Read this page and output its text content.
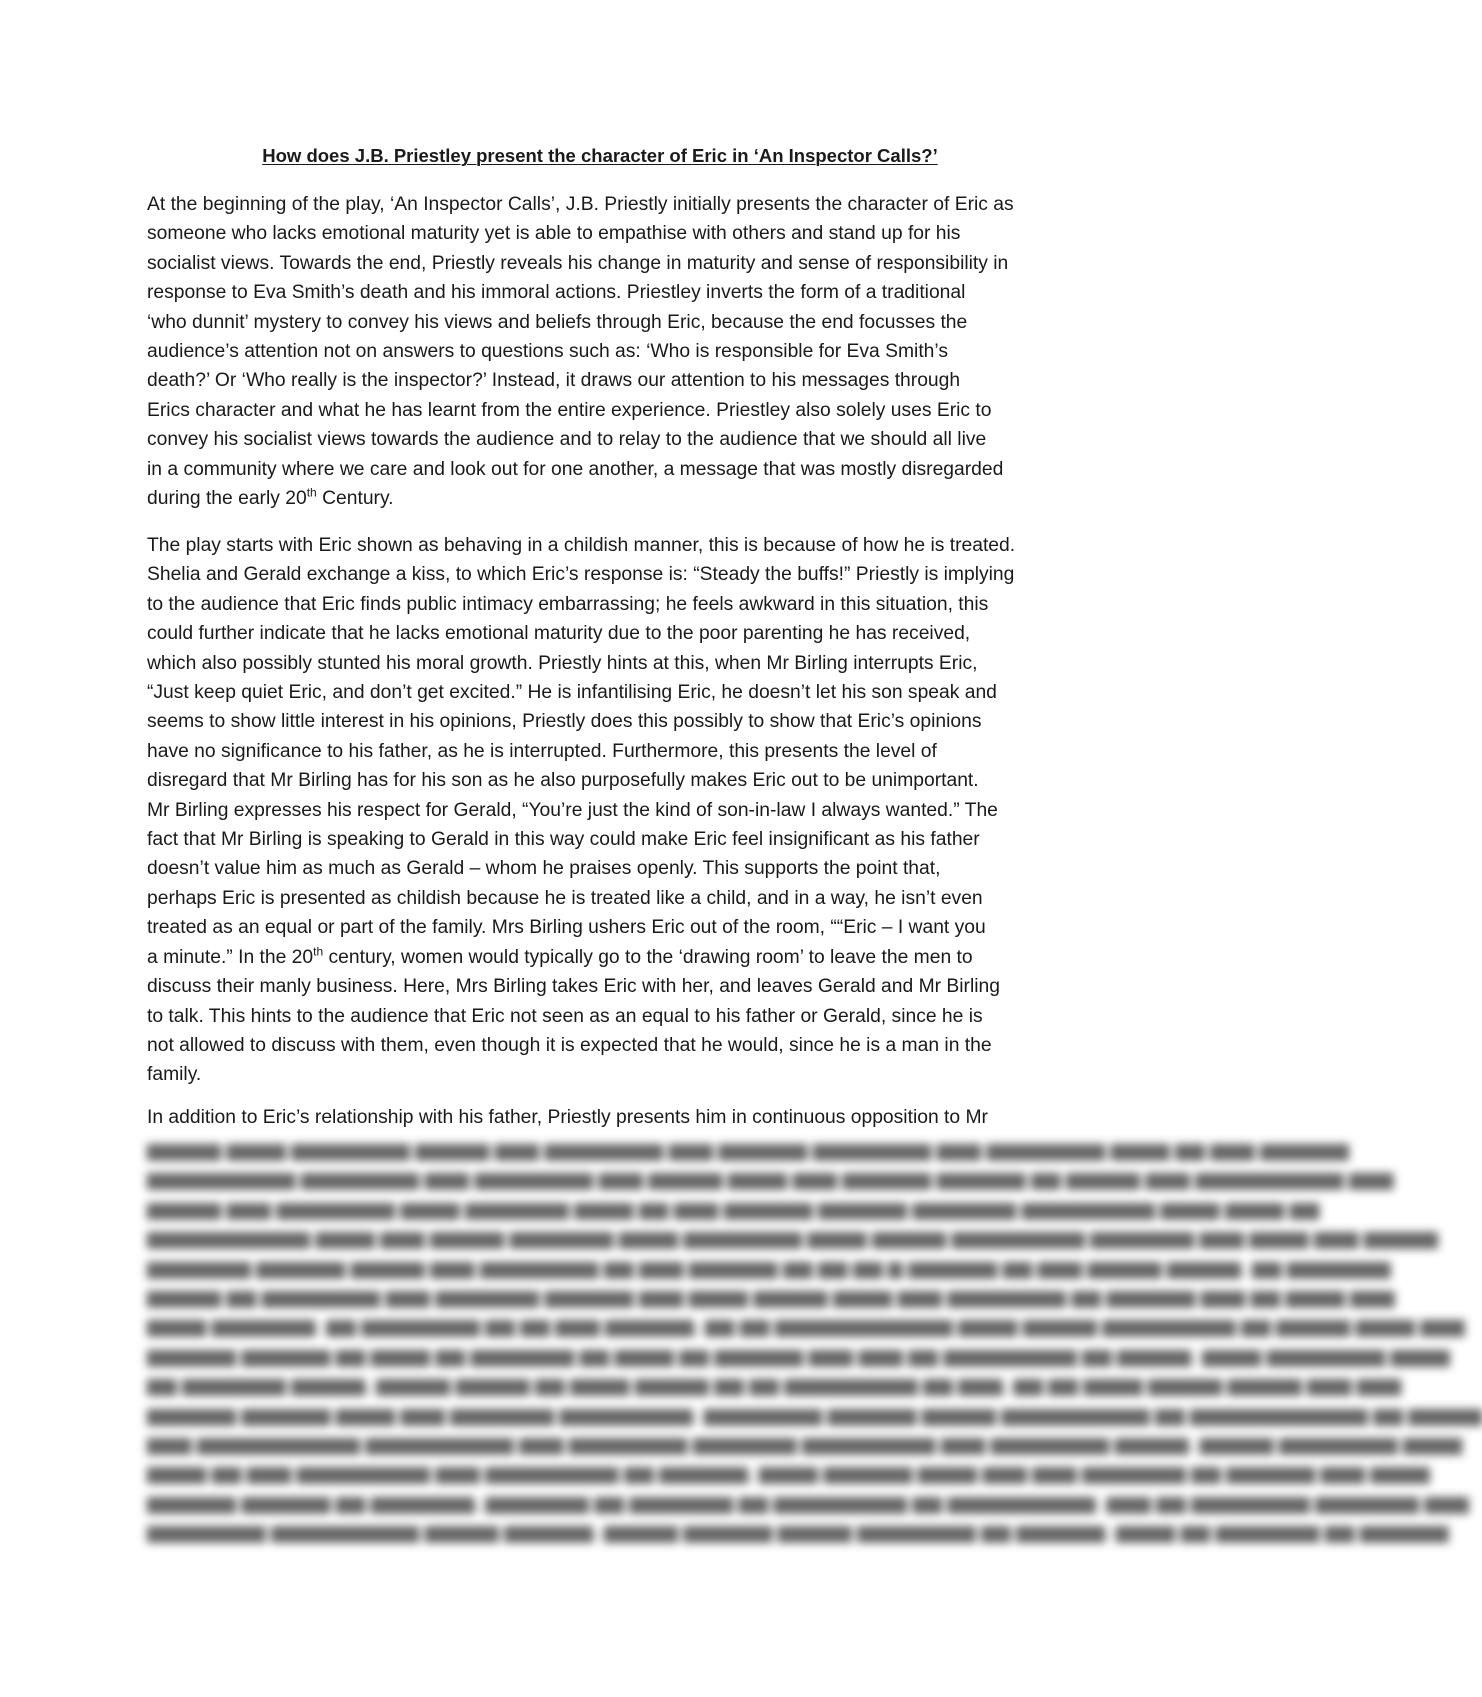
How does J.B. Priestley present the character of Eric in ‘An Inspector Calls?’

At the beginning of the play, ‘An Inspector Calls’, J.B. Priestly initially presents the character of Eric as
someone who lacks emotional maturity yet is able to empathise with others and stand up for his
socialist views. Towards the end, Priestly reveals his change in maturity and sense of responsibility in
response to Eva Smith’s death and his immoral actions. Priestley inverts the form of a traditional
‘who dunnit’ mystery to convey his views and beliefs through Eric, because the end focusses the
audience’s attention not on answers to questions such as: ‘Who is responsible for Eva Smith’s
death?’ Or ‘Who really is the inspector?’ Instead, it draws our attention to his messages through
Erics character and what he has learnt from the entire experience. Priestley also solely uses Eric to
convey his socialist views towards the audience and to relay to the audience that we should all live
in a community where we care and look out for one another, a message that was mostly disregarded
during the early 20th Century.

The play starts with Eric shown as behaving in a childish manner, this is because of how he is treated.
Shelia and Gerald exchange a kiss, to which Eric’s response is: “Steady the buffs!” Priestly is implying
to the audience that Eric finds public intimacy embarrassing; he feels awkward in this situation, this
could further indicate that he lacks emotional maturity due to the poor parenting he has received,
which also possibly stunted his moral growth. Priestly hints at this, when Mr Birling interrupts Eric,
“Just keep quiet Eric, and don’t get excited.” He is infantilising Eric, he doesn’t let his son speak and
seems to show little interest in his opinions, Priestly does this possibly to show that Eric’s opinions
have no significance to his father, as he is interrupted. Furthermore, this presents the level of
disregard that Mr Birling has for his son as he also purposefully makes Eric out to be unimportant.
Mr Birling expresses his respect for Gerald, “You’re just the kind of son-in-law I always wanted.” The
fact that Mr Birling is speaking to Gerald in this way could make Eric feel insignificant as his father
doesn’t value him as much as Gerald – whom he praises openly. This supports the point that,
perhaps Eric is presented as childish because he is treated like a child, and in a way, he isn’t even
treated as an equal or part of the family. Mrs Birling ushers Eric out of the room, ““Eric – I want you
a minute.” In the 20th century, women would typically go to the ‘drawing room’ to leave the men to
discuss their manly business. Here, Mrs Birling takes Eric with her, and leaves Gerald and Mr Birling
to talk. This hints to the audience that Eric not seen as an equal to his father or Gerald, since he is
not allowed to discuss with them, even though it is expected that he would, since he is a man in the
family.

In addition to Eric’s relationship with his father, Priestly presents him in continuous opposition to Mr

▆▆▆▆▆ ▆▆▆▆ ▆▆▆▆▆▆▆▆ ▆▆▆▆▆ ▆▆▆ ▆▆▆▆▆▆▆▆ ▆▆▆ ▆▆▆▆▆▆ ▆▆▆▆▆▆▆▆ ▆▆▆ ▆▆▆▆▆▆▆▆ ▆▆▆▆ ▆▆ ▆▆▆ ▆▆▆▆▆▆
▆▆▆▆▆▆▆▆▆▆ ▆▆▆▆▆▆▆▆ ▆▆▆ ▆▆▆▆▆▆▆▆ ▆▆▆ ▆▆▆▆▆ ▆▆▆▆ ▆▆▆ ▆▆▆▆▆▆ ▆▆▆▆▆▆ ▆▆ ▆▆▆▆▆ ▆▆▆ ▆▆▆▆▆▆▆▆▆▆ ▆▆▆
▆▆▆▆▆ ▆▆▆ ▆▆▆▆▆▆▆▆ ▆▆▆▆ ▆▆▆▆▆▆▆ ▆▆▆▆ ▆▆ ▆▆▆ ▆▆▆▆▆▆ ▆▆▆▆▆▆ ▆▆▆▆▆▆▆ ▆▆▆▆▆▆▆▆▆ ▆▆▆▆ ▆▆▆▆ ▆▆
▆▆▆▆▆▆▆▆▆▆▆ ▆▆▆▆ ▆▆▆ ▆▆▆▆▆ ▆▆▆▆▆▆▆ ▆▆▆▆ ▆▆▆▆▆▆▆▆ ▆▆▆▆ ▆▆▆▆▆ ▆▆▆▆▆▆▆▆▆ ▆▆▆▆▆▆▆ ▆▆▆ ▆▆▆▆ ▆▆▆ ▆▆▆▆▆
▆▆▆▆▆▆▆ ▆▆▆▆▆▆ ▆▆▆▆▆ ▆▆▆ ▆▆▆▆▆▆▆▆ ▆▆ ▆▆▆ ▆▆▆▆▆▆ ▆▆ ▆▆ ▆▆ ▆ ▆▆▆▆▆▆ ▆▆ ▆▆▆ ▆▆▆▆▆ ▆▆▆▆▆. ▆▆ ▆▆▆▆▆▆▆
▆▆▆▆▆ ▆▆ ▆▆▆▆▆▆▆▆ ▆▆▆ ▆▆▆▆▆▆▆ ▆▆▆▆▆▆ ▆▆▆ ▆▆▆▆ ▆▆▆▆▆ ▆▆▆▆ ▆▆▆ ▆▆▆▆▆▆▆▆ ▆▆ ▆▆▆▆▆▆ ▆▆▆ ▆▆ ▆▆▆▆ ▆▆▆
▆▆▆▆ ▆▆▆▆▆▆▆. ▆▆ ▆▆▆▆▆▆▆▆ ▆▆ ▆▆ ▆▆▆ ▆▆▆▆▆▆, ▆▆ ▆▆ ▆▆▆▆▆▆▆▆▆▆▆▆ ▆▆▆▆ ▆▆▆▆▆ ▆▆▆▆▆▆▆▆▆ ▆▆ ▆▆▆▆▆ ▆▆▆▆ ▆▆▆
▆▆▆▆▆▆ ▆▆▆▆▆▆ ▆▆ ▆▆▆▆ ▆▆ ▆▆▆▆▆▆▆ ▆▆ ▆▆▆▆ ▆▆ ▆▆▆▆▆▆ ▆▆▆ ▆▆▆ ▆▆ ▆▆▆▆▆▆▆▆▆ ▆▆ ▆▆▆▆▆. ▆▆▆▆ ▆▆▆▆▆▆▆▆ ▆▆▆▆
▆▆ ▆▆▆▆▆▆▆ ▆▆▆▆▆, ▆▆▆▆▆ ▆▆▆▆▆ ▆▆ ▆▆▆▆ ▆▆▆▆▆ ▆▆ ▆▆ ▆▆▆▆▆▆▆▆▆ ▆▆ ▆▆▆, ▆▆ ▆▆ ▆▆▆▆ ▆▆▆▆▆ ▆▆▆▆▆ ▆▆▆ ▆▆▆
▆▆▆▆▆▆ ▆▆▆▆▆▆ ▆▆▆▆ ▆▆▆ ▆▆▆▆▆▆▆ ▆▆▆▆▆▆▆▆▆. ▆▆▆▆▆▆▆▆ ▆▆▆▆▆▆ ▆▆▆▆▆ ▆▆▆▆▆▆▆▆▆▆ ▆▆ ▆▆▆▆▆▆▆▆▆▆▆▆ ▆▆ ▆▆▆▆▆
▆▆▆ ▆▆▆▆▆▆▆▆▆▆▆ ▆▆▆▆▆▆▆▆▆▆ ▆▆▆ ▆▆▆▆▆▆▆▆ ▆▆▆▆▆▆▆ ▆▆▆▆▆▆▆▆▆ ▆▆▆ ▆▆▆▆▆▆▆▆ ▆▆▆▆▆. ▆▆▆▆▆ ▆▆▆▆▆▆▆▆ ▆▆▆▆
▆▆▆▆ ▆▆ ▆▆▆ ▆▆▆▆▆▆▆▆▆ ▆▆▆ ▆▆▆▆▆▆▆▆▆ ▆▆ ▆▆▆▆▆▆, ▆▆▆▆ ▆▆▆▆▆▆ ▆▆▆▆ ▆▆▆ ▆▆▆ ▆▆▆▆▆▆▆ ▆▆ ▆▆▆▆▆▆ ▆▆▆ ▆▆▆▆
▆▆▆▆▆▆ ▆▆▆▆▆▆ ▆▆ ▆▆▆▆▆▆▆, ▆▆▆▆▆▆▆ ▆▆ ▆▆▆▆▆▆▆ ▆▆ ▆▆▆▆▆▆▆▆▆ ▆▆ ▆▆▆▆▆▆▆▆▆▆. ▆▆▆ ▆▆ ▆▆▆▆▆▆▆▆ ▆▆▆▆▆▆▆ ▆▆▆
▆▆▆▆▆▆▆▆ ▆▆▆▆▆▆▆▆▆▆ ▆▆▆▆▆ ▆▆▆▆▆▆, ▆▆▆▆▆ ▆▆▆▆▆▆ ▆▆▆▆▆ ▆▆▆▆▆▆▆▆ ▆▆ ▆▆▆▆▆▆. ▆▆▆▆ ▆▆ ▆▆▆▆▆▆▆ ▆▆ ▆▆▆▆▆▆
